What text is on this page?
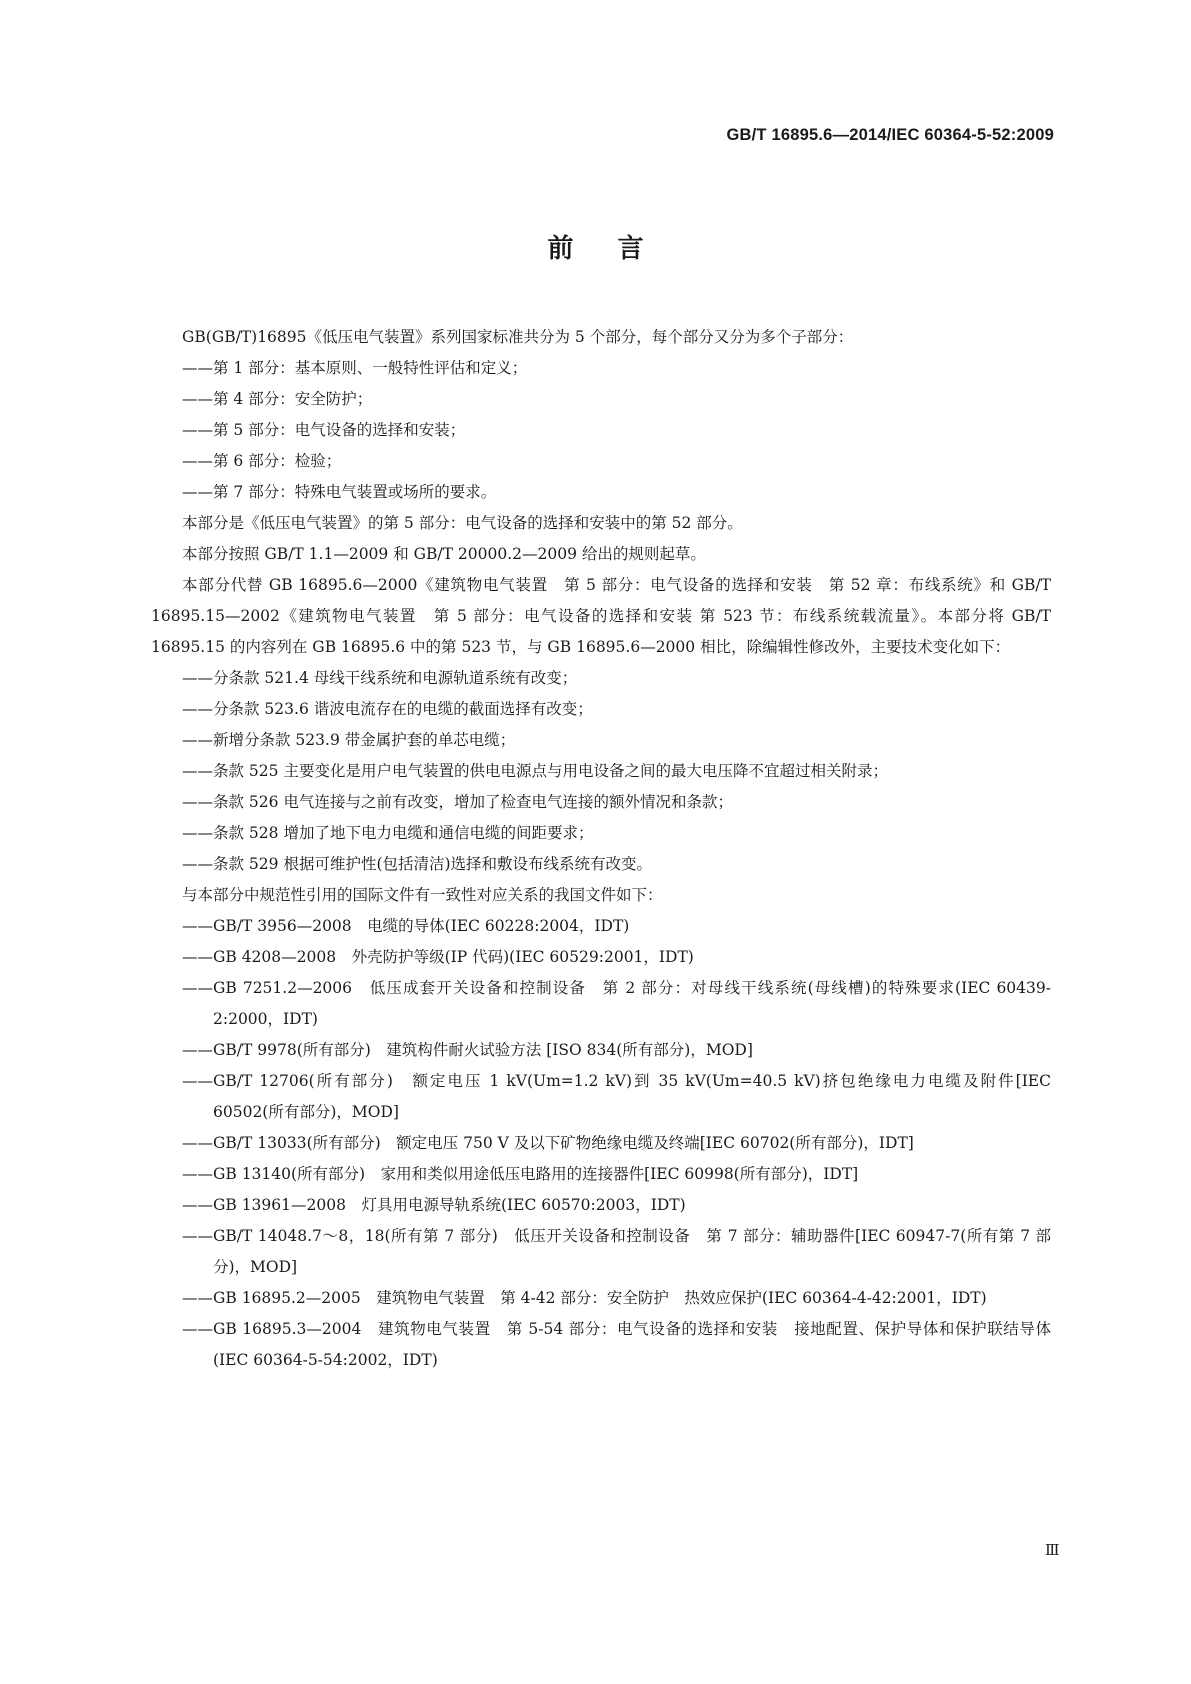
GB/T 16895.6—2014/IEC 60364-5-52:2009
前言

GB(GB/T)16895《低压电气装置》系列国家标准共分为 5 个部分，每个部分又分为多个子部分：

——第 1 部分：基本原则、一般特性评估和定义；

——第 4 部分：安全防护；

——第 5 部分：电气设备的选择和安装；

——第 6 部分：检验；

——第 7 部分：特殊电气装置或场所的要求。

本部分是《低压电气装置》的第 5 部分：电气设备的选择和安装中的第 52 部分。

本部分按照 GB/T 1.1—2009 和 GB/T 20000.2—2009 给出的规则起草。

本部分代替 GB 16895.6—2000《建筑物电气装置　第 5 部分：电气设备的选择和安装　第 52 章：布线系统》和 GB/T 16895.15—2002《建筑物电气装置　第 5 部分：电气设备的选择和安装 第 523 节：布线系统载流量》。本部分将 GB/T 16895.15 的内容列在 GB 16895.6 中的第 523 节，与 GB 16895.6—2000 相比，除编辑性修改外，主要技术变化如下：

——分条款 521.4 母线干线系统和电源轨道系统有改变；

——分条款 523.6 谐波电流存在的电缆的截面选择有改变；

——新增分条款 523.9 带金属护套的单芯电缆；

——条款 525 主要变化是用户电气装置的供电电源点与用电设备之间的最大电压降不宜超过相关附录；

——条款 526 电气连接与之前有改变，增加了检查电气连接的额外情况和条款；

——条款 528 增加了地下电力电缆和通信电缆的间距要求；

——条款 529 根据可维护性(包括清洁)选择和敷设布线系统有改变。

与本部分中规范性引用的国际文件有一致性对应关系的我国文件如下：

——GB/T 3956—2008　电缆的导体(IEC 60228:2004，IDT)

——GB 4208—2008　外壳防护等级(IP 代码)(IEC 60529:2001，IDT)

——GB 7251.2—2006　低压成套开关设备和控制设备　第 2 部分：对母线干线系统(母线槽)的特殊要求(IEC 60439-2:2000，IDT)

——GB/T 9978(所有部分)　建筑构件耐火试验方法 [ISO 834(所有部分)，MOD]

——GB/T 12706(所有部分)　额定电压 1 kV(Um=1.2 kV)到 35 kV(Um=40.5 kV)挤包绝缘电力电缆及附件[IEC 60502(所有部分)，MOD]

——GB/T 13033(所有部分)　额定电压 750 V 及以下矿物绝缘电缆及终端[IEC 60702(所有部分)，IDT]

——GB 13140(所有部分)　家用和类似用途低压电路用的连接器件[IEC 60998(所有部分)，IDT]

——GB 13961—2008　灯具用电源导轨系统(IEC 60570:2003，IDT)

——GB/T 14048.7～8，18(所有第 7 部分)　低压开关设备和控制设备　第 7 部分：辅助器件[IEC 60947-7(所有第 7 部分)，MOD]

——GB 16895.2—2005　建筑物电气装置　第 4-42 部分：安全防护　热效应保护(IEC 60364-4-42:2001，IDT)

——GB 16895.3—2004　建筑物电气装置　第 5-54 部分：电气设备的选择和安装　接地配置、保护导体和保护联结导体(IEC 60364-5-54:2002，IDT)

Ⅲ
